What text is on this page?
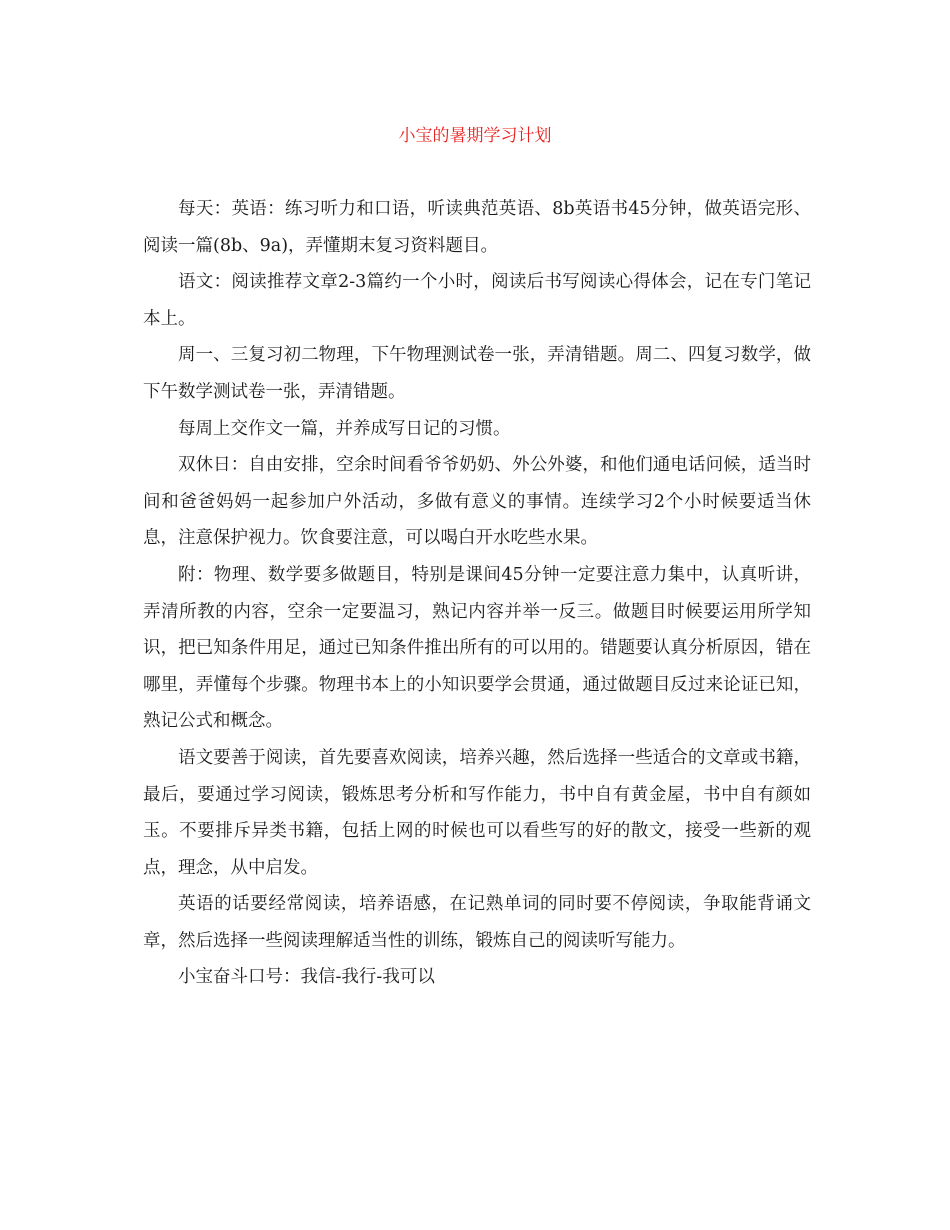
小宝的暑期学习计划

每天：英语：练习听力和口语，听读典范英语、8b英语书45分钟，做英语完形、阅读一篇(8b、9a)，弄懂期末复习资料题目。

语文：阅读推荐文章2-3篇约一个小时，阅读后书写阅读心得体会，记在专门笔记本上。

周一、三复习初二物理，下午物理测试卷一张，弄清错题。周二、四复习数学，做下午数学测试卷一张，弄清错题。

每周上交作文一篇，并养成写日记的习惯。

双休日：自由安排，空余时间看爷爷奶奶、外公外婆，和他们通电话问候，适当时间和爸爸妈妈一起参加户外活动，多做有意义的事情。连续学习2个小时候要适当休息，注意保护视力。饮食要注意，可以喝白开水吃些水果。

附：物理、数学要多做题目，特别是课间45分钟一定要注意力集中，认真听讲，弄清所教的内容，空余一定要温习，熟记内容并举一反三。做题目时候要运用所学知识，把已知条件用足，通过已知条件推出所有的可以用的。错题要认真分析原因，错在哪里，弄懂每个步骤。物理书本上的小知识要学会贯通，通过做题目反过来论证已知，熟记公式和概念。

语文要善于阅读，首先要喜欢阅读，培养兴趣，然后选择一些适合的文章或书籍，最后，要通过学习阅读，锻炼思考分析和写作能力，书中自有黄金屋，书中自有颜如玉。不要排斥异类书籍，包括上网的时候也可以看些写的好的散文，接受一些新的观点，理念，从中启发。

英语的话要经常阅读，培养语感，在记熟单词的同时要不停阅读，争取能背诵文章，然后选择一些阅读理解适当性的训练，锻炼自己的阅读听写能力。

小宝奋斗口号：我信-我行-我可以
